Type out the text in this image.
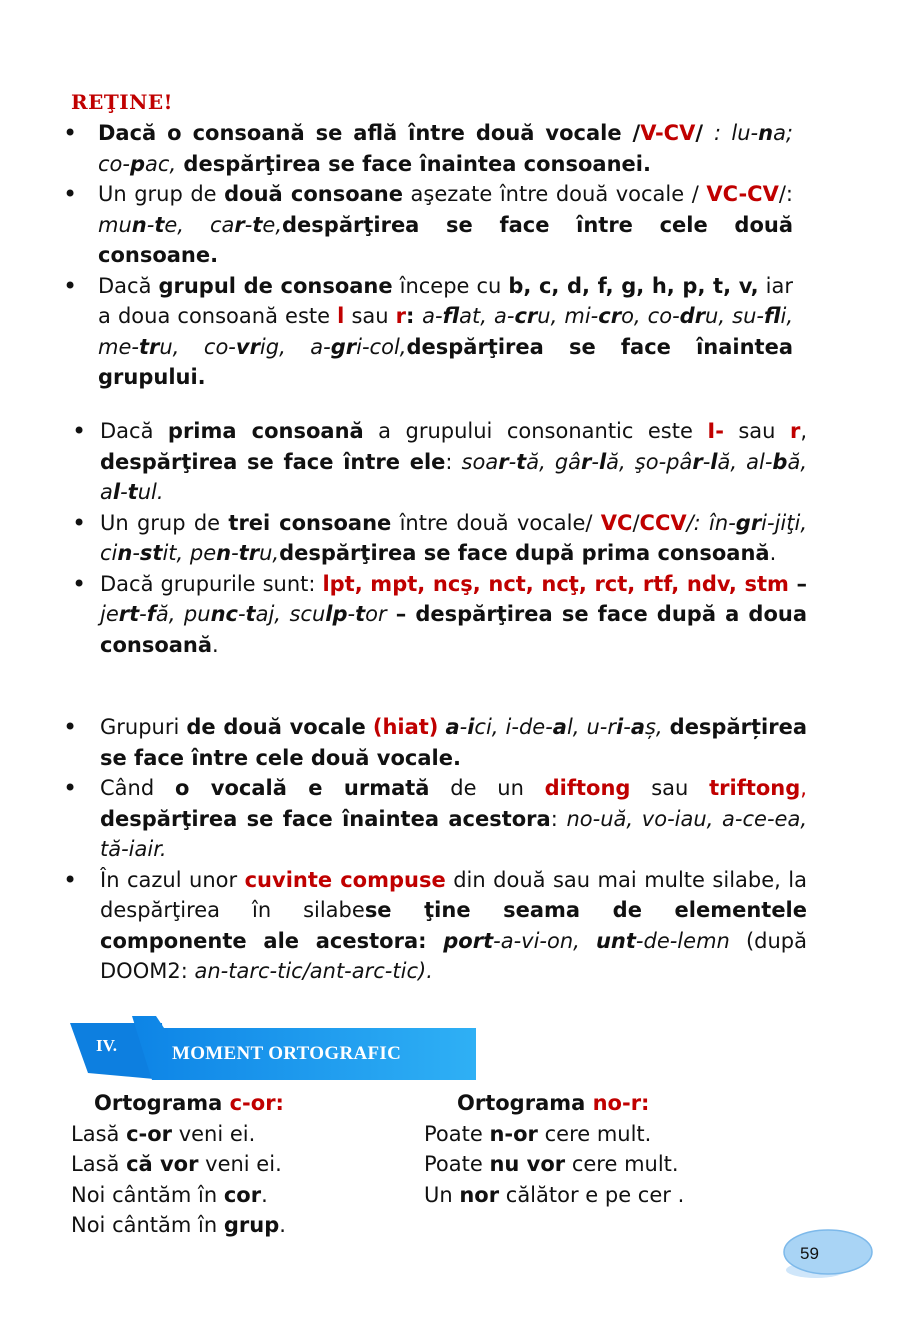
REŢINE!
• Dacă o consoană se află între două vocale /V-CV/ : lu-na; co-pac, despărţirea se face înaintea consoanei.
• Un grup de două consoane aşezate între două vocale / VC-CV/: mun-te, car-te,despărţirea se face între cele două consoane.
• Dacă grupul de consoane începe cu b, c, d, f, g, h, p, t, v, iar a doua consoană este l sau r: a-flat, a-cru, mi-cro, co-dru, su-fli, me-tru, co-vrig, a-gri-col,despărţirea se face înaintea grupului.
• Dacă prima consoană a grupului consonantic este I- sau r, despărţirea se face între ele: soar-tă, gâr-lă, şo-pâr-lă, al-bă, al-tul.
• Un grup de trei consoane între două vocale/ VC/CCV/: în-gri-jiţi, cin-stit, pen-tru,despărţirea se face după prima consoană.
• Dacă grupurile sunt: lpt, mpt, ncş, nct, ncţ, rct, rtf, ndv, stm – jert-fă, punc-taj, sculp-tor – despărţirea se face după a doua consoană.
• Grupuri de două vocale (hiat) a-ici, i-de-al, u-ri-aș, despărțirea se face între cele două vocale.
• Când o vocală e urmată de un diftong sau triftong, despărţirea se face înaintea acestora: no-uă, vo-iau, a-ce-ea, tă-iair.
• În cazul unor cuvinte compuse din două sau mai multe silabe, la despărţirea în silabese ţine seama de elementele componente ale acestora: port-a-vi-on, unt-de-lemn (după DOOM2: an-tarc-tic/ant-arc-tic).
IV.	MOMENT ORTOGRAFIC

Ortograma c-or:

Lasă c-or veni ei.

Lasă că vor veni ei.

Noi cântăm în cor.

Noi cântăm în grup.

Ortograma no-r:

Poate n-or cere mult.

Poate nu vor cere mult.

Un nor călător e pe cer .

59
